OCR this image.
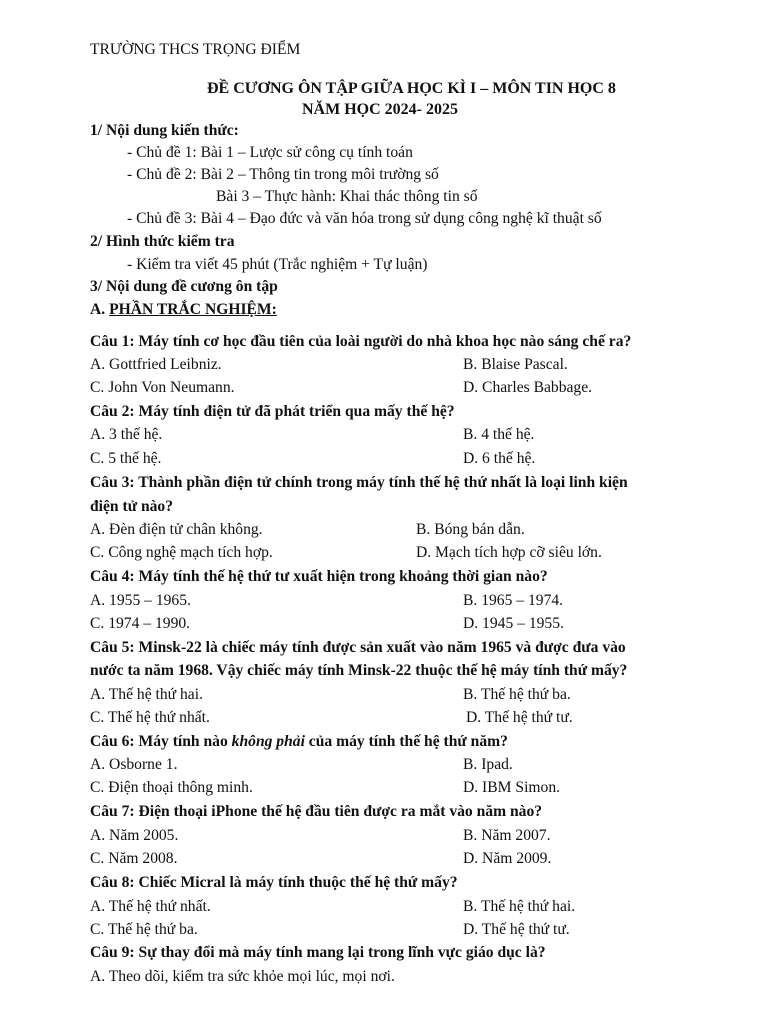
TRƯỜNG THCS TRỌNG ĐIỂM
ĐỀ CƯƠNG ÔN TẬP GIỮA HỌC KÌ I – MÔN TIN HỌC 8
NĂM HỌC 2024- 2025
1/ Nội dung kiến thức:
- Chủ đề 1: Bài 1 – Lược sử công cụ tính toán
- Chủ đề 2: Bài 2 – Thông tin trong môi trường số
Bài 3 – Thực hành: Khai thác thông tin số
- Chủ đề 3: Bài 4 – Đạo đức và văn hóa trong sử dụng công nghệ kĩ thuật số
2/ Hình thức kiểm tra
- Kiểm tra viết 45 phút (Trắc nghiệm + Tự luận)
3/ Nội dung đề cương ôn tập
A. PHẦN TRẮC NGHIỆM:
Câu 1: Máy tính cơ học đầu tiên của loài người do nhà khoa học nào sáng chế ra?
A. Gottfried Leibniz.	B. Blaise Pascal.
C. John Von Neumann.	D. Charles Babbage.
Câu 2: Máy tính điện tử đã phát triển qua mấy thế hệ?
A. 3 thế hệ.	B. 4 thế hệ.
C. 5 thế hệ.	D. 6 thế hệ.
Câu 3: Thành phần điện tử chính trong máy tính thế hệ thứ nhất là loại linh kiện
điện tử nào?
A. Đèn điện tử chân không.	B. Bóng bán dẫn.
C. Công nghệ mạch tích hợp.	D. Mạch tích hợp cỡ siêu lớn.
Câu 4: Máy tính thế hệ thứ tư xuất hiện trong khoảng thời gian nào?
A. 1955 – 1965.	B. 1965 – 1974.
C. 1974 – 1990.	D. 1945 – 1955.
Câu 5: Minsk-22 là chiếc máy tính được sản xuất vào năm 1965 và được đưa vào
nước ta năm 1968. Vậy chiếc máy tính Minsk-22 thuộc thế hệ máy tính thứ mấy?
A. Thế hệ thứ hai.	B. Thế hệ thứ ba.
C. Thế hệ thứ nhất.	D. Thế hệ thứ tư.
Câu 6: Máy tính nào không phải của máy tính thế hệ thứ năm?
A. Osborne 1.	B. Ipad.
C. Điện thoại thông minh.	D. IBM Simon.
Câu 7: Điện thoại iPhone thế hệ đầu tiên được ra mắt vào năm nào?
A. Năm 2005.	B. Năm 2007.
C. Năm 2008.	D. Năm 2009.
Câu 8: Chiếc Micral là máy tính thuộc thế hệ thứ mấy?
A. Thế hệ thứ nhất.	B. Thế hệ thứ hai.
C. Thế hệ thứ ba.	D. Thế hệ thứ tư.
Câu 9: Sự thay đổi mà máy tính mang lại trong lĩnh vực giáo dục là?
A. Theo dõi, kiểm tra sức khỏe mọi lúc, mọi nơi.
